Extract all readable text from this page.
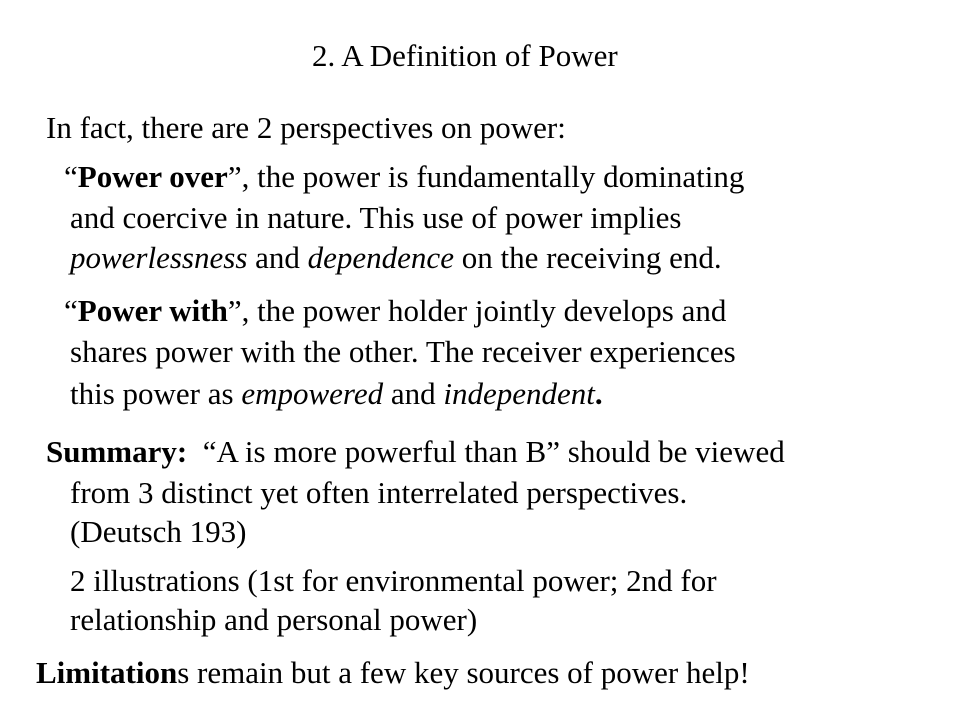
2. A Definition of Power
In fact, there are 2 perspectives on power:
“Power over”, the power is fundamentally dominating
and coercive in nature. This use of power implies
powerlessness and dependence on the receiving end.
“Power with”, the power holder jointly develops and
shares power with the other. The receiver experiences
this power as empowered and independent.
Summary: “A is more powerful than B” should be viewed
from 3 distinct yet often interrelated perspectives.
(Deutsch 193)
2 illustrations (1st for environmental power; 2nd for
relationship and personal power)
Limitations remain but a few key sources of power help!
